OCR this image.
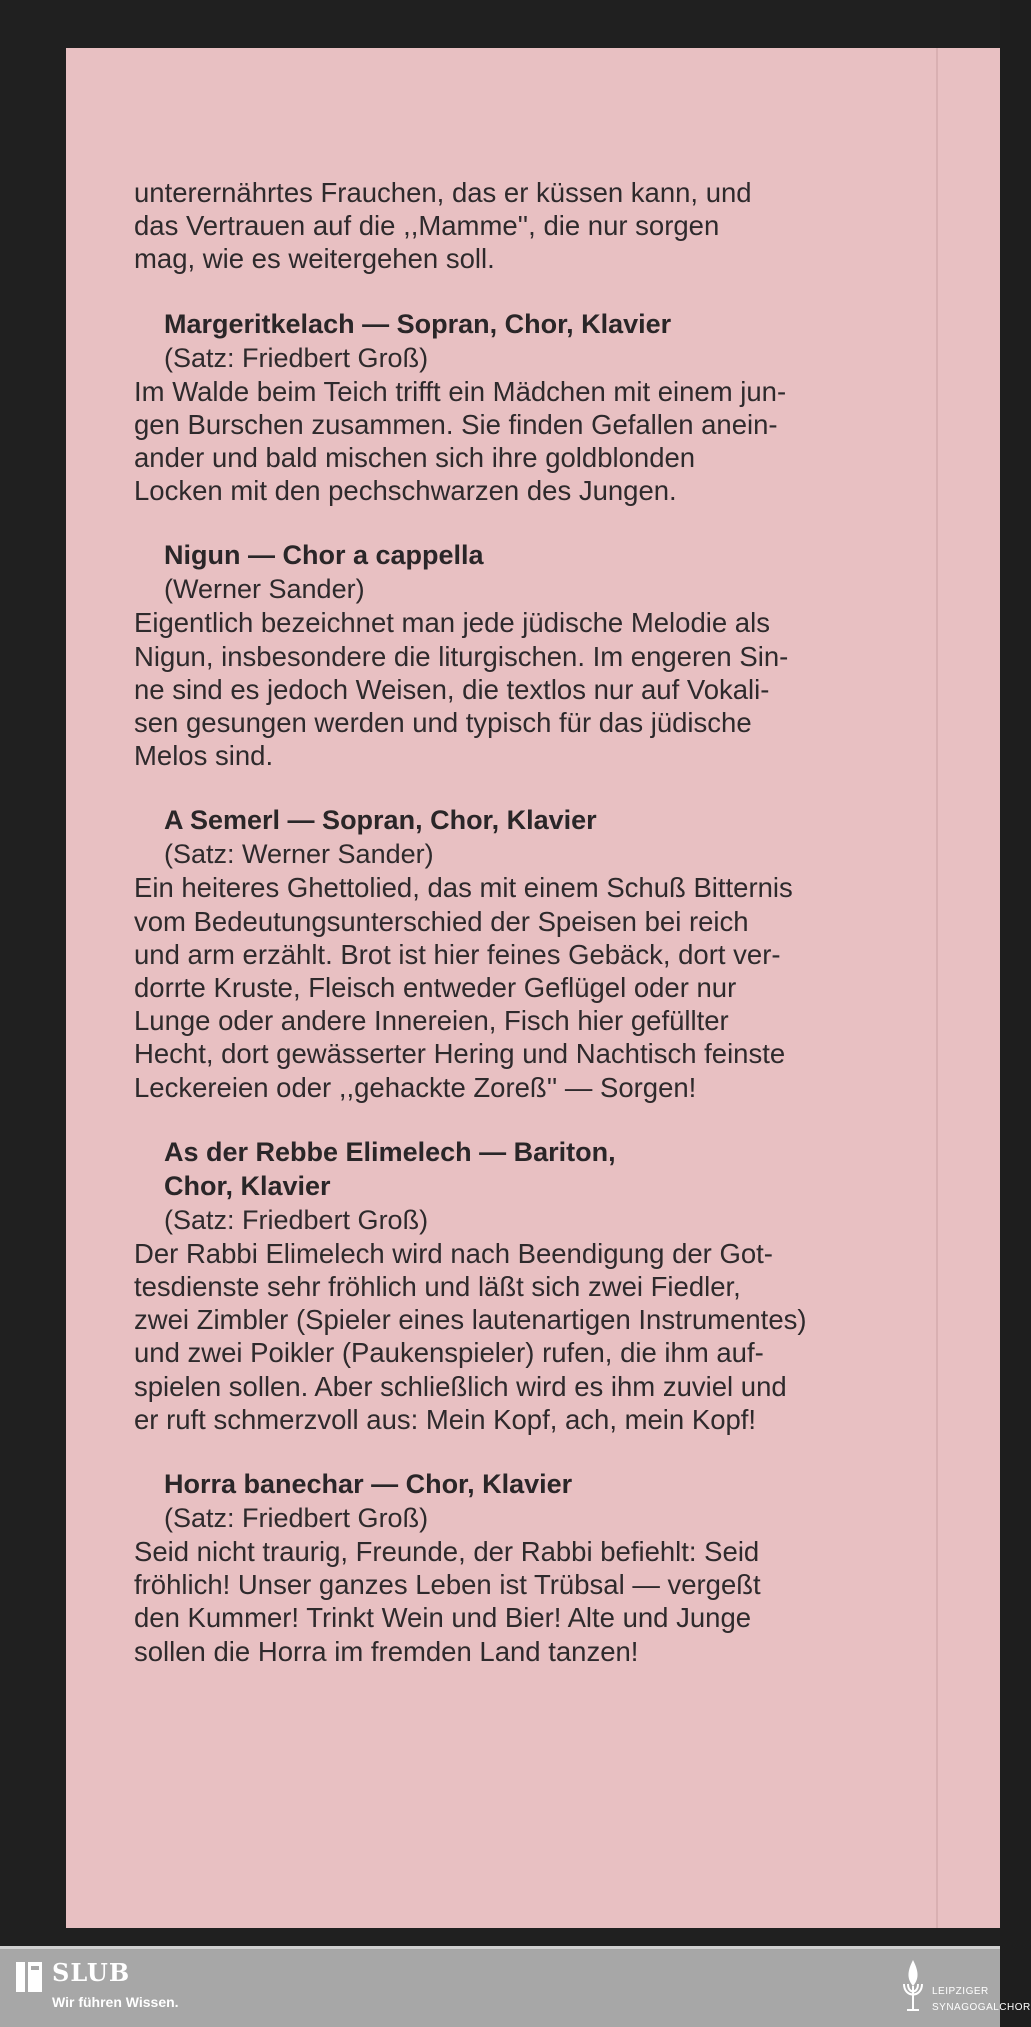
unterernährtes Frauchen, das er küssen kann, und
das Vertrauen auf die ,,Mamme'', die nur sorgen
mag, wie es weitergehen soll.

Margeritkelach — Sopran, Chor, Klavier

(Satz: Friedbert Groß)

Im Walde beim Teich trifft ein Mädchen mit einem jun-
gen Burschen zusammen. Sie finden Gefallen anein-
ander und bald mischen sich ihre goldblonden
Locken mit den pechschwarzen des Jungen.

Nigun — Chor a cappella

(Werner Sander)

Eigentlich bezeichnet man jede jüdische Melodie als
Nigun, insbesondere die liturgischen. Im engeren Sin-
ne sind es jedoch Weisen, die textlos nur auf Vokali-
sen gesungen werden und typisch für das jüdische
Melos sind.

A Semerl — Sopran, Chor, Klavier

(Satz: Werner Sander)

Ein heiteres Ghettolied, das mit einem Schuß Bitternis
vom Bedeutungsunterschied der Speisen bei reich
und arm erzählt. Brot ist hier feines Gebäck, dort ver-
dorrte Kruste, Fleisch entweder Geflügel oder nur
Lunge oder andere Innereien, Fisch hier gefüllter
Hecht, dort gewässerter Hering und Nachtisch feinste
Leckereien oder ,,gehackte Zoreß'' — Sorgen!

As der Rebbe Elimelech — Bariton,
Chor, Klavier

(Satz: Friedbert Groß)

Der Rabbi Elimelech wird nach Beendigung der Got-
tesdienste sehr fröhlich und läßt sich zwei Fiedler,
zwei Zimbler (Spieler eines lautenartigen Instrumentes)
und zwei Poikler (Paukenspieler) rufen, die ihm auf-
spielen sollen. Aber schließlich wird es ihm zuviel und
er ruft schmerzvoll aus: Mein Kopf, ach, mein Kopf!

Horra banechar — Chor, Klavier

(Satz: Friedbert Groß)

Seid nicht traurig, Freunde, der Rabbi befiehlt: Seid
fröhlich! Unser ganzes Leben ist Trübsal — vergeßt
den Kummer! Trinkt Wein und Bier! Alte und Junge
sollen die Horra im fremden Land tanzen!

SLUB
Wir führen Wissen.
LEIPZIGER
SYNAGOGALCHOR
